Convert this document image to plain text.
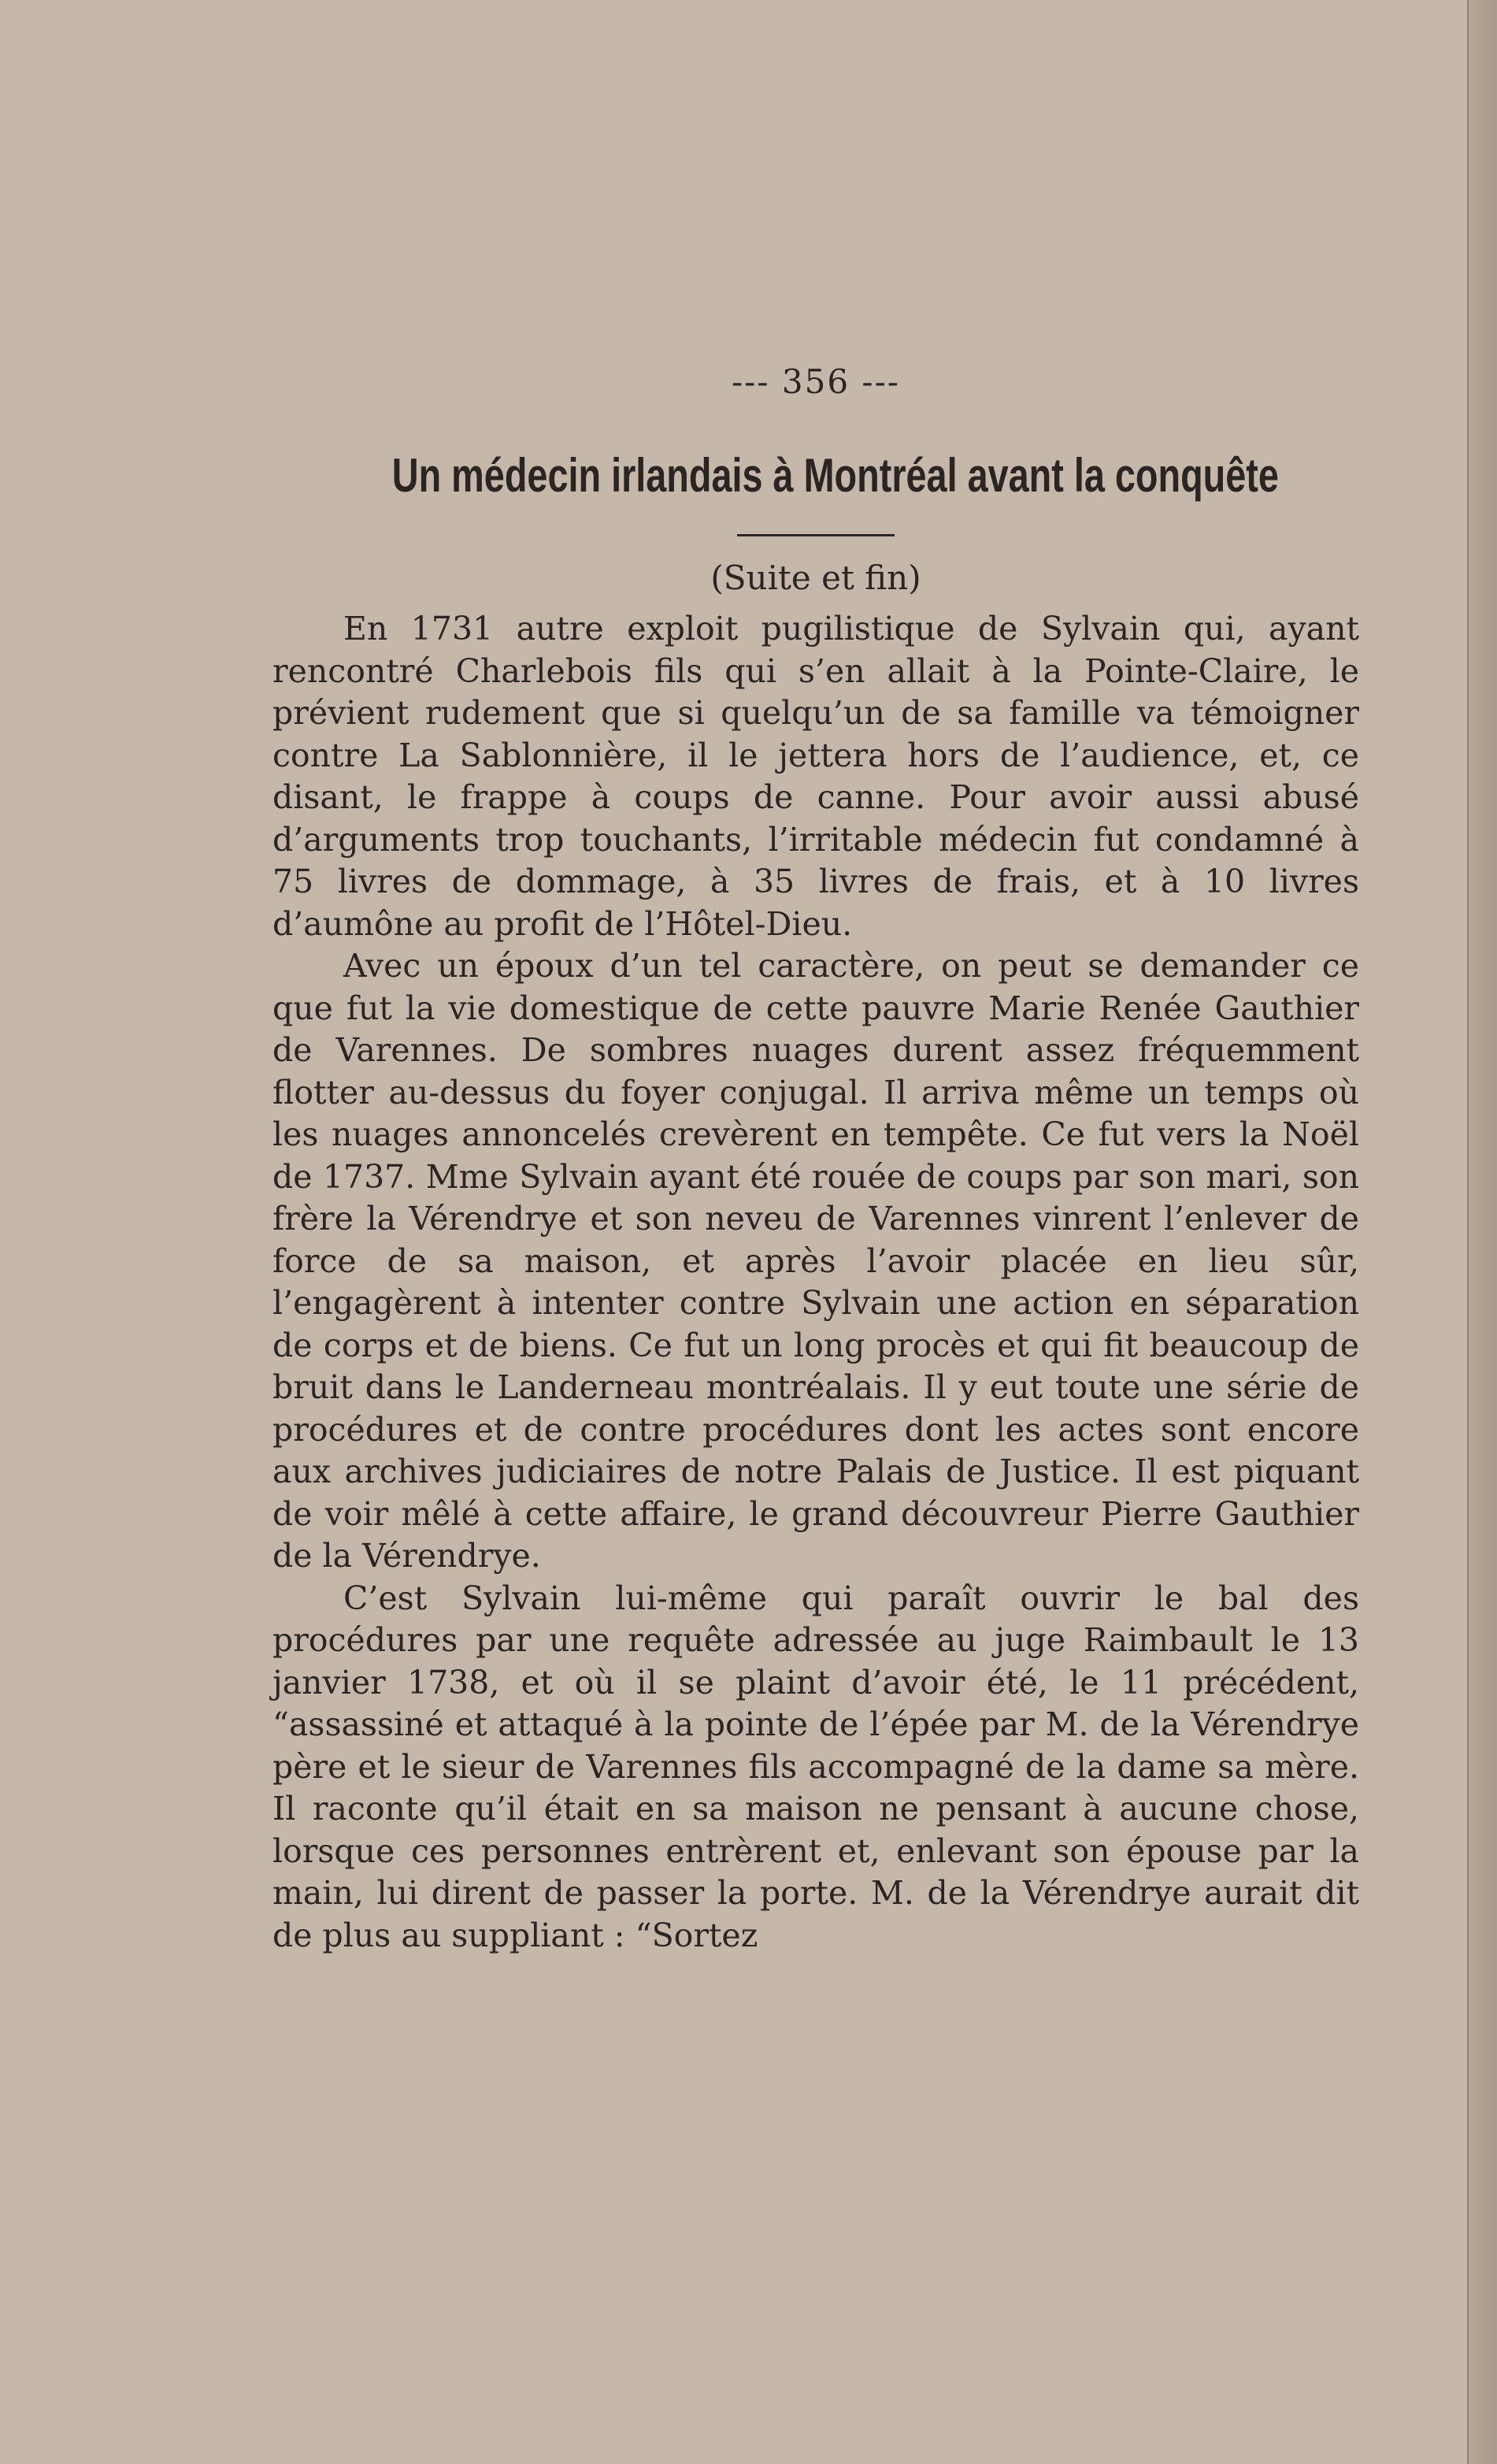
--- 356 ---
Un médecin irlandais à Montréal avant la conquête
(Suite et fin)

En 1731 autre exploit pugilistique de Sylvain qui, ayant rencontré Charlebois fils qui s’en allait à la Pointe-Claire, le prévient rudement que si quelqu’un de sa famille va témoigner contre La Sablonnière, il le jettera hors de l’audience, et, ce disant, le frappe à coups de canne. Pour avoir aussi abusé d’arguments trop touchants, l’irritable médecin fut condamné à 75 livres de dommage, à 35 livres de frais, et à 10 livres d’aumône au profit de l’Hôtel-Dieu.

Avec un époux d’un tel caractère, on peut se demander ce que fut la vie domestique de cette pauvre Marie Renée Gauthier de Varennes. De sombres nuages durent assez fréquemment flotter au-dessus du foyer conjugal. Il arriva même un temps où les nuages annoncelés crevèrent en tempête. Ce fut vers la Noël de 1737. Mme Sylvain ayant été rouée de coups par son mari, son frère la Vérendrye et son neveu de Varennes vinrent l’enlever de force de sa maison, et après l’avoir placée en lieu sûr, l’engagèrent à intenter contre Sylvain une action en séparation de corps et de biens. Ce fut un long procès et qui fit beaucoup de bruit dans le Landerneau montréalais. Il y eut toute une série de procédures et de contre procédures dont les actes sont encore aux archives judiciaires de notre Palais de Justice. Il est piquant de voir mêlé à cette affaire, le grand découvreur Pierre Gauthier de la Vérendrye.

C’est Sylvain lui-même qui paraît ouvrir le bal des procédures par une requête adressée au juge Raimbault le 13 janvier 1738, et où il se plaint d’avoir été, le 11 précédent, “assassiné et attaqué à la pointe de l’épée par M. de la Vérendrye père et le sieur de Varennes fils accompagné de la dame sa mère. Il raconte qu’il était en sa maison ne pensant à aucune chose, lorsque ces personnes entrèrent et, enlevant son épouse par la main, lui dirent de passer la porte. M. de la Vérendrye aurait dit de plus au suppliant : “Sortez
